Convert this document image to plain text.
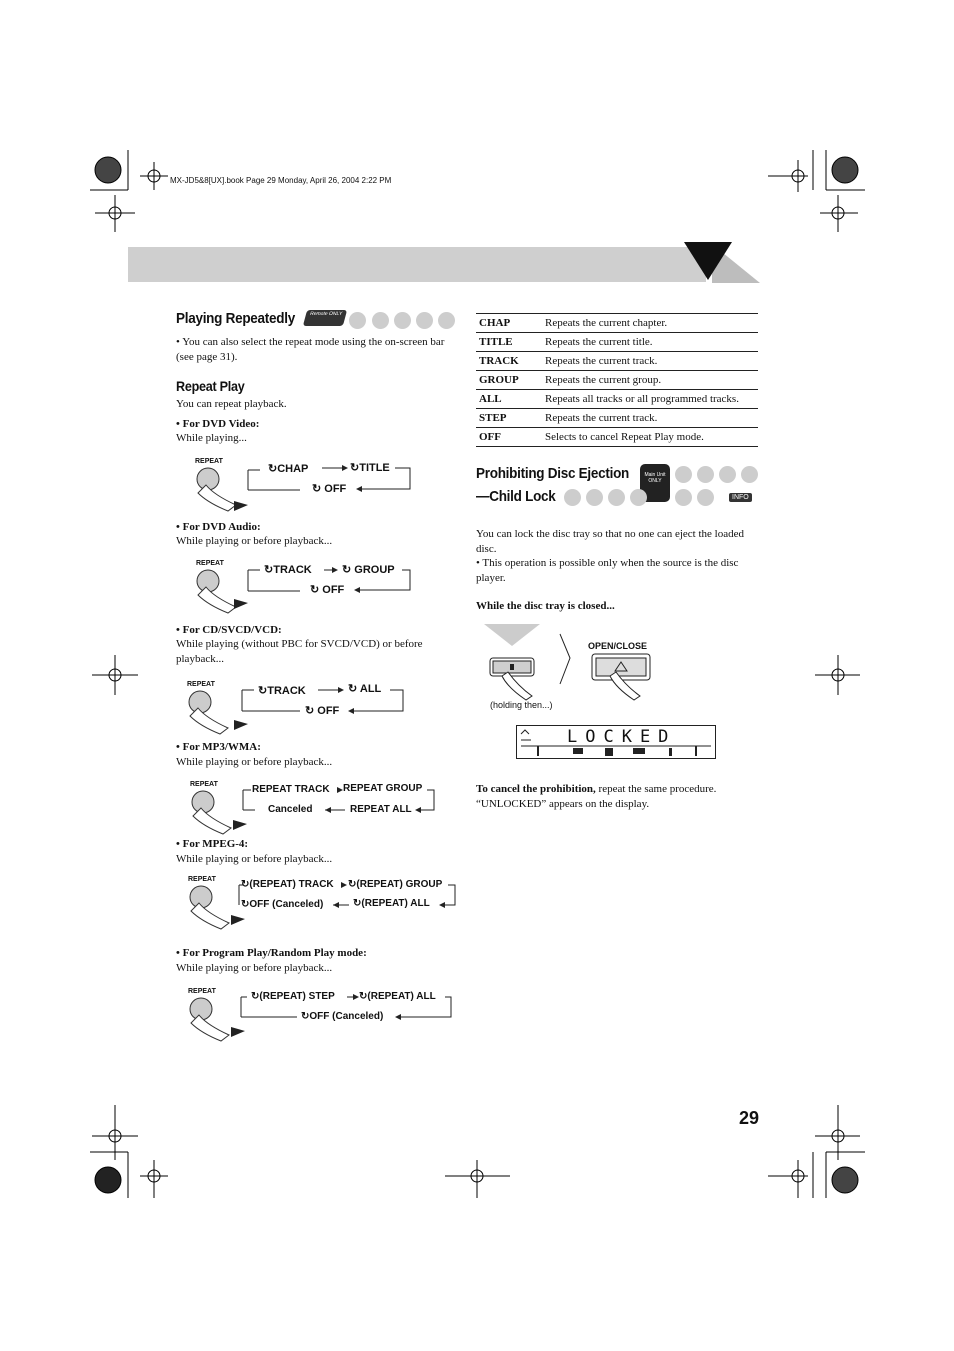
MX-JD5&8[UX].book Page 29 Monday, April 26, 2004 2:22 PM
Playing Repeatedly	Remote ONLY
• You can also select the repeat mode using the on-screen bar (see page 31).
Repeat Play
You can repeat playback.
• For DVD Video:
While playing...
REPEAT
↻CHAP	↻TITLE
↻ OFF
• For DVD Audio:
While playing or before playback...
REPEAT
↻TRACK	↻ GROUP
↻ OFF
• For CD/SVCD/VCD:
While playing (without PBC for SVCD/VCD) or before playback...
REPEAT
↻TRACK	↻ ALL
↻ OFF
• For MP3/WMA:
While playing or before playback...
REPEAT	REPEAT TRACK REPEAT GROUP
Canceled	REPEAT ALL
• For MPEG-4:
While playing or before playback...
REPEAT	↻(REPEAT) TRACK ↻(REPEAT) GROUP
↻OFF (Canceled)	↻(REPEAT) ALL
• For Program Play/Random Play mode:
While playing or before playback...
REPEAT	↻(REPEAT) STEP ↻(REPEAT) ALL
↻OFF (Canceled)
CHAP	Repeats the current chapter.
TITLE	Repeats the current title.
TRACK	Repeats the current track.
GROUP	Repeats the current group.
ALL	Repeats all tracks or all programmed tracks.
STEP	Repeats the current track.
OFF	Selects to cancel Repeat Play mode.
Prohibiting Disc Ejection	Main Unit ONLY
—Child Lock	INFO
You can lock the disc tray so that no one can eject the loaded disc.
• This operation is possible only when the source is the disc player.
While the disc tray is closed...
OPEN/CLOSE
(holding then...)
LOCKED
To cancel the prohibition, repeat the same procedure.
“UNLOCKED” appears on the display.
29
